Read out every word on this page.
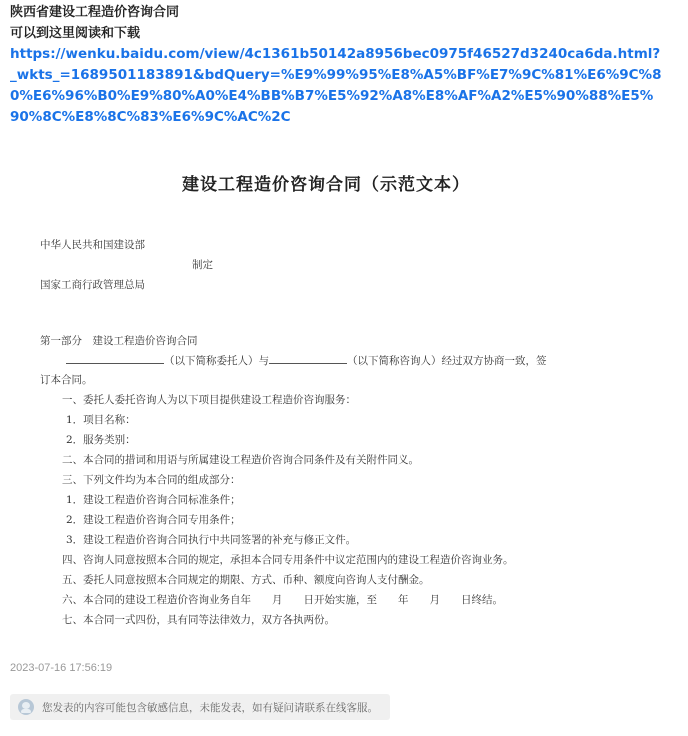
陕西省建设工程造价咨询合同
可以到这里阅读和下载
https://wenku.baidu.com/view/4c1361b50142a8956bec0975f46527d3240ca6da.html?_wkts_=1689501183891&bdQuery=%E9%99%95%E8%A5%BF%E7%9C%81%E6%9C%80%E6%96%B0%E9%80%A0%E4%BB%B7%E5%92%A8%E8%AF%A2%E5%90%88%E5%90%8C%E8%8C%83%E6%9C%AC%2C
建设工程造价咨询合同（示范文本）
中华人民共和国建设部
制定
国家工商行政管理总局
第一部分　建设工程造价咨询合同
（以下简称委托人）与	（以下简称咨询人）经过双方协商一致，签
订本合同。
一、委托人委托咨询人为以下项目提供建设工程造价咨询服务：
1．项目名称：
2．服务类别：
二、本合同的措词和用语与所属建设工程造价咨询合同条件及有关附件同义。
三、下列文件均为本合同的组成部分：
1．建设工程造价咨询合同标准条件；
2．建设工程造价咨询合同专用条件；
3．建设工程造价咨询合同执行中共同签署的补充与修正文件。
四、咨询人同意按照本合同的规定，承担本合同专用条件中议定范围内的建设工程造价咨询业务。
五、委托人同意按照本合同规定的期限、方式、币种、额度向咨询人支付酬金。
六、本合同的建设工程造价咨询业务自年　　月　　日开始实施，至　　年　　月　　日终结。
七、本合同一式四份，具有同等法律效力，双方各执两份。
2023-07-16 17:56:19
您发表的内容可能包含敏感信息，未能发表，如有疑问请联系在线客服。
